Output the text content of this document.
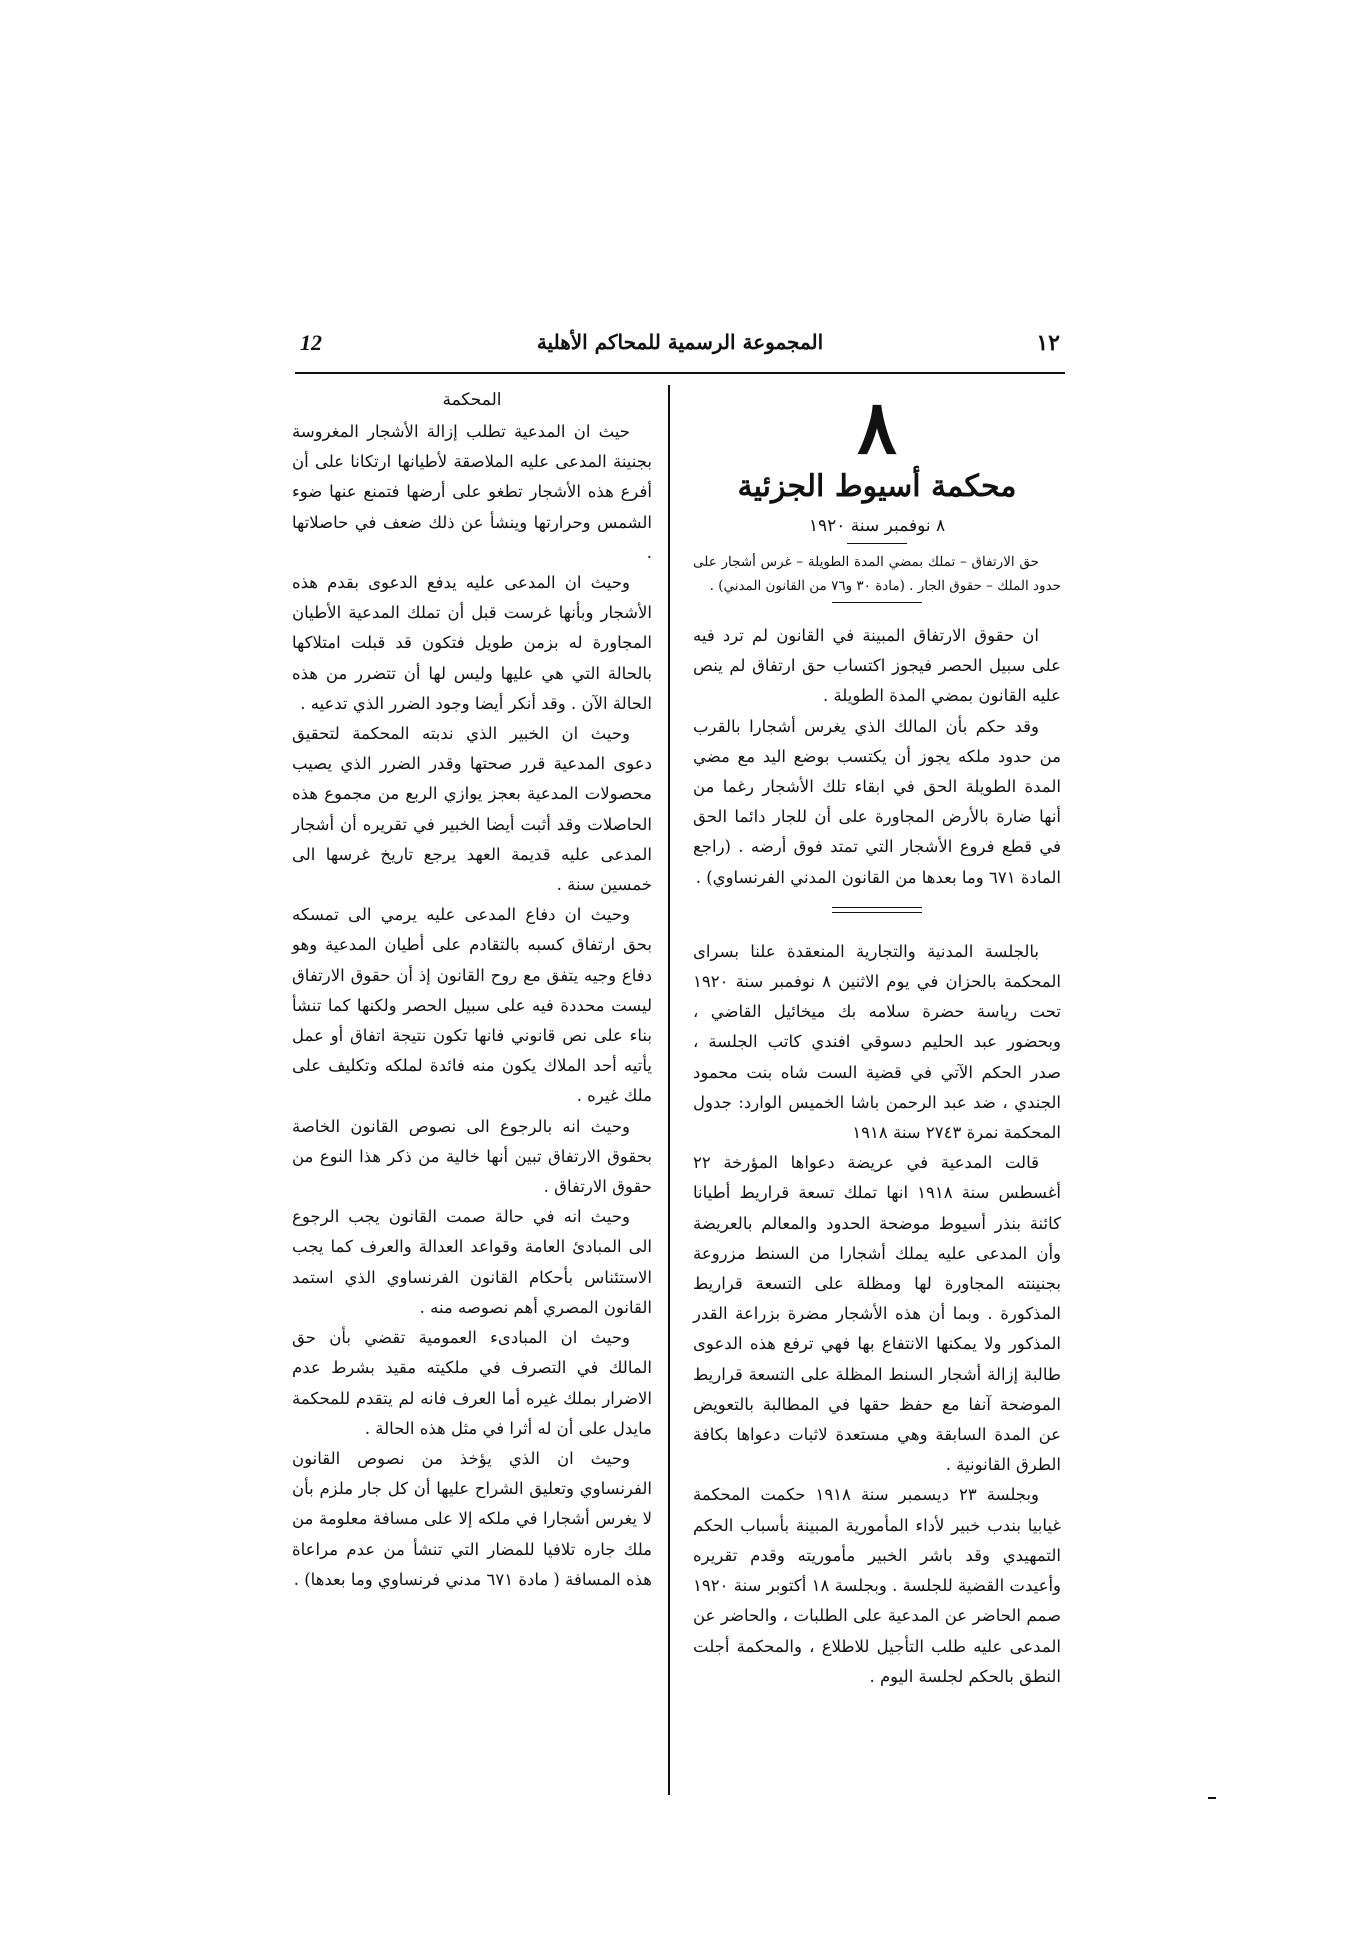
12	المجموعة الرسمية للمحاكم الأهلية	١٢
٨
محكمة أسيوط الجزئية
٨ نوفمبر سنة ١٩٢٠

حق الارتفاق – تملك بمضي المدة الطويلة – غرس أشجار على حدود الملك – حقوق الجار . (مادة ٣٠ و٧٦ من القانون المدني) .

ان حقوق الارتفاق المبينة في القانون لم ترد فيه على سبيل الحصر فيجوز اكتساب حق ارتفاق لم ينص عليه القانون بمضي المدة الطويلة .

وقد حكم بأن المالك الذي يغرس أشجارا بالقرب من حدود ملكه يجوز أن يكتسب بوضع اليد مع مضي المدة الطويلة الحق في ابقاء تلك الأشجار رغما من أنها ضارة بالأرض المجاورة على أن للجار دائما الحق في قطع فروع الأشجار التي تمتد فوق أرضه . (راجع المادة ٦٧١ وما بعدها من القانون المدني الفرنساوي) .

بالجلسة المدنية والتجارية المنعقدة علنا بسراى المحكمة بالحزان في يوم الاثنين ٨ نوفمبر سنة ١٩٢٠ تحت رياسة حضرة سلامه بك ميخائيل القاضي ، وبحضور عبد الحليم دسوقي افندي كاتب الجلسة ، صدر الحكم الآتي في قضية الست شاه بنت محمود الجندي ، ضد عبد الرحمن باشا الخميس الوارد: جدول المحكمة نمرة ٢٧٤٣ سنة ١٩١٨

قالت المدعية في عريضة دعواها المؤرخة ٢٢ أغسطس سنة ١٩١٨ انها تملك تسعة قراريط أطيانا كائنة بنذر أسيوط موضحة الحدود والمعالم بالعريضة وأن المدعى عليه يملك أشجارا من السنط مزروعة بجنينته المجاورة لها ومظلة على التسعة قراريط المذكورة . وبما أن هذه الأشجار مضرة بزراعة القدر المذكور ولا يمكنها الانتفاع بها فهي ترفع هذه الدعوى طالبة إزالة أشجار السنط المظلة على التسعة قراريط الموضحة آنفا مع حفظ حقها في المطالبة بالتعويض عن المدة السابقة وهي مستعدة لاثبات دعواها بكافة الطرق القانونية .

وبجلسة ٢٣ ديسمبر سنة ١٩١٨ حكمت المحكمة غيابيا بندب خبير لأداء المأمورية المبينة بأسباب الحكم التمهيدي وقد باشر الخبير مأموريته وقدم تقريره وأعيدت القضية للجلسة . وبجلسة ١٨ أكتوبر سنة ١٩٢٠ صمم الحاضر عن المدعية على الطلبات ، والحاضر عن المدعى عليه طلب التأجيل للاطلاع ، والمحكمة أجلت النطق بالحكم لجلسة اليوم .

المحكمة

حيث ان المدعية تطلب إزالة الأشجار المغروسة بجنينة المدعى عليه الملاصقة لأطيانها ارتكانا على أن أفرع هذه الأشجار تطغو على أرضها فتمنع عنها ضوء الشمس وحرارتها وينشأ عن ذلك ضعف في حاصلاتها .

وحيث ان المدعى عليه يدفع الدعوى بقدم هذه الأشجار وبأنها غرست قبل أن تملك المدعية الأطيان المجاورة له بزمن طويل فتكون قد قبلت امتلاكها بالحالة التي هي عليها وليس لها أن تتضرر من هذه الحالة الآن . وقد أنكر أيضا وجود الضرر الذي تدعيه .

وحيث ان الخبير الذي ندبته المحكمة لتحقيق دعوى المدعية قرر صحتها وقدر الضرر الذي يصيب محصولات المدعية بعجز يوازي الربع من مجموع هذه الحاصلات وقد أثبت أيضا الخبير في تقريره أن أشجار المدعى عليه قديمة العهد يرجع تاريخ غرسها الى خمسين سنة .

وحيث ان دفاع المدعى عليه يرمي الى تمسكه بحق ارتفاق كسبه بالتقادم على أطيان المدعية وهو دفاع وجيه يتفق مع روح القانون إذ أن حقوق الارتفاق ليست محددة فيه على سبيل الحصر ولكنها كما تنشأ بناء على نص قانوني فانها تكون نتيجة اتفاق أو عمل يأتيه أحد الملاك يكون منه فائدة لملكه وتكليف على ملك غيره .

وحيث انه بالرجوع الى نصوص القانون الخاصة بحقوق الارتفاق تبين أنها خالية من ذكر هذا النوع من حقوق الارتفاق .

وحيث انه في حالة صمت القانون يجب الرجوع الى المبادئ العامة وقواعد العدالة والعرف كما يجب الاستئناس بأحكام القانون الفرنساوي الذي استمد القانون المصري أهم نصوصه منه .

وحيث ان المبادىء العمومية تقضي بأن حق المالك في التصرف في ملكيته مقيد بشرط عدم الاضرار بملك غيره أما العرف فانه لم يتقدم للمحكمة مايدل على أن له أثرا في مثل هذه الحالة .

وحيث ان الذي يؤخذ من نصوص القانون الفرنساوي وتعليق الشراح عليها أن كل جار ملزم بأن لا يغرس أشجارا في ملكه إلا على مسافة معلومة من ملك جاره تلافيا للمضار التي تنشأ من عدم مراعاة هذه المسافة ( مادة ٦٧١ مدني فرنساوي وما بعدها) .
